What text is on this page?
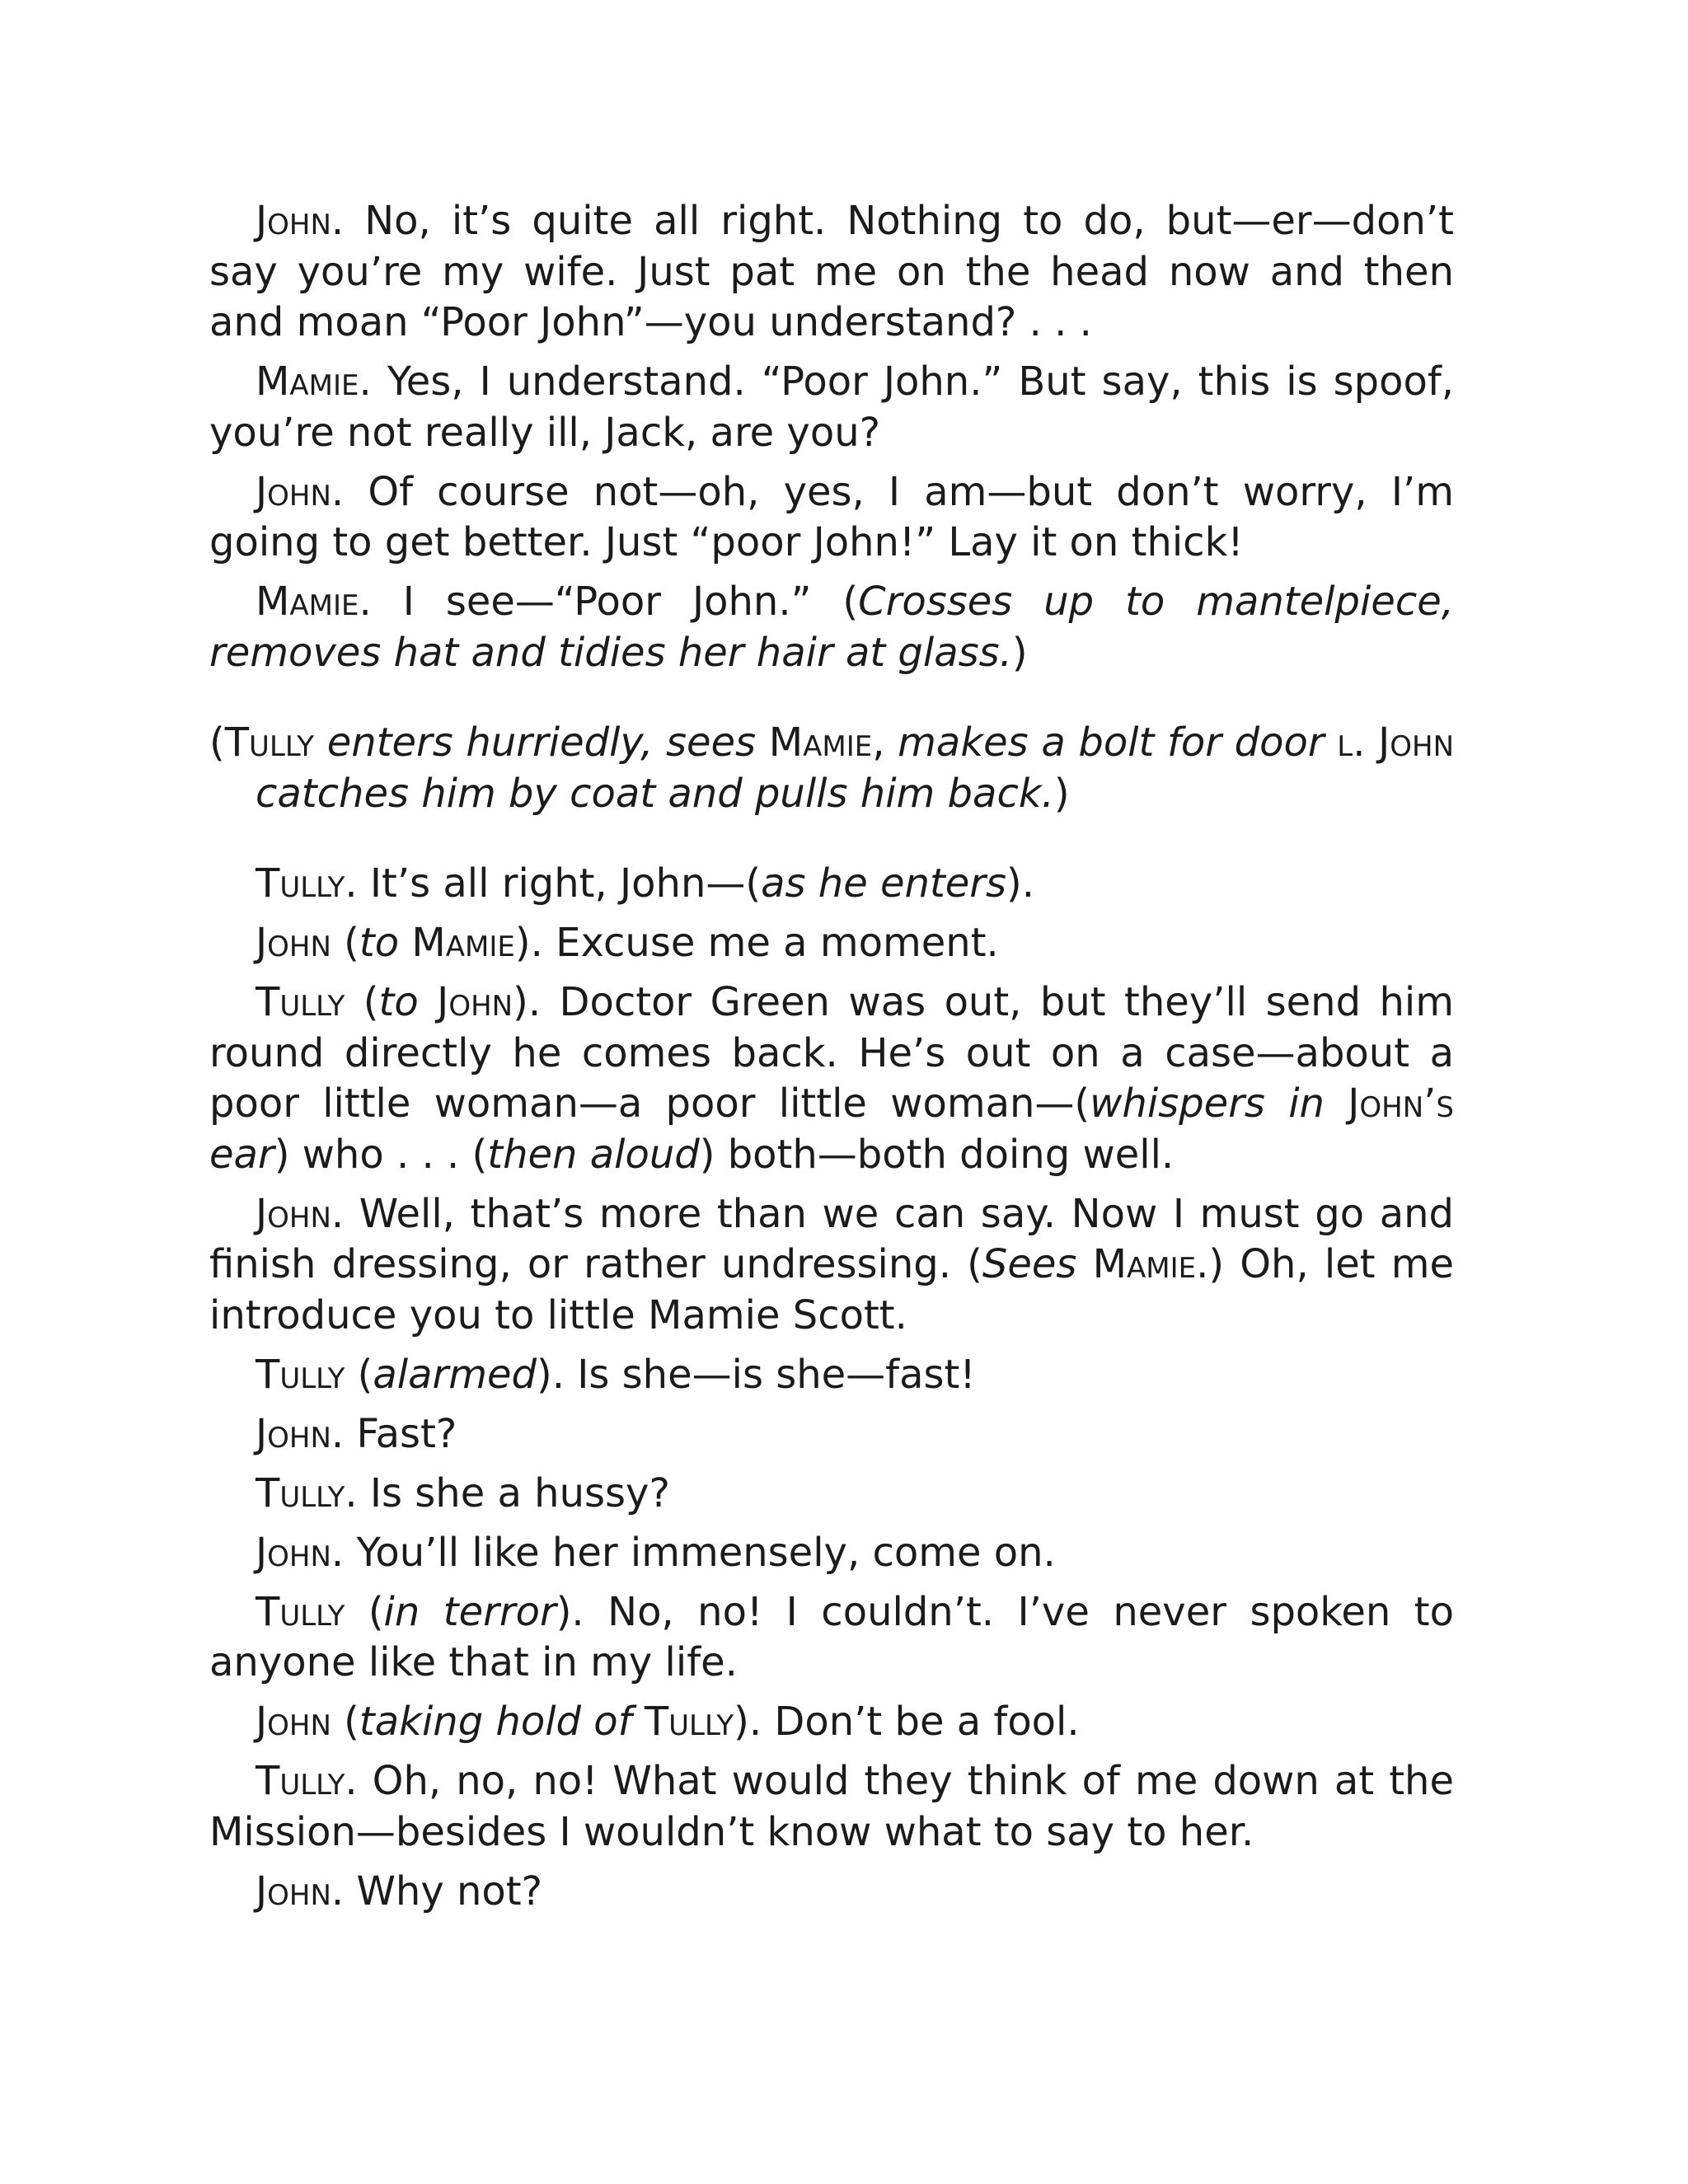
John. No, it’s quite all right. Nothing to do, but—er—don’t say you’re my wife. Just pat me on the head now and then and moan “Poor John”—you understand? . . .

Mamie. Yes, I understand. “Poor John.” But say, this is spoof, you’re not really ill, Jack, are you?

John. Of course not—oh, yes, I am—but don’t worry, I’m going to get better. Just “poor John!” Lay it on thick!

Mamie. I see—“Poor John.” (Crosses up to mantelpiece, removes hat and tidies her hair at glass.)

(Tully enters hurriedly, sees Mamie, makes a bolt for door l. John catches him by coat and pulls him back.)

Tully. It’s all right, John—(as he enters).

John (to Mamie). Excuse me a moment.

Tully (to John). Doctor Green was out, but they’ll send him round directly he comes back. He’s out on a case—about a poor little woman—a poor little woman—(whispers in John’s ear) who . . . (then aloud) both—both doing well.

John. Well, that’s more than we can say. Now I must go and finish dressing, or rather undressing. (Sees Mamie.) Oh, let me introduce you to little Mamie Scott.

Tully (alarmed). Is she—is she—fast!

John. Fast?

Tully. Is she a hussy?

John. You’ll like her immensely, come on.

Tully (in terror). No, no! I couldn’t. I’ve never spoken to anyone like that in my life.

John (taking hold of Tully). Don’t be a fool.

Tully. Oh, no, no! What would they think of me down at the Mission—besides I wouldn’t know what to say to her.

John. Why not?
